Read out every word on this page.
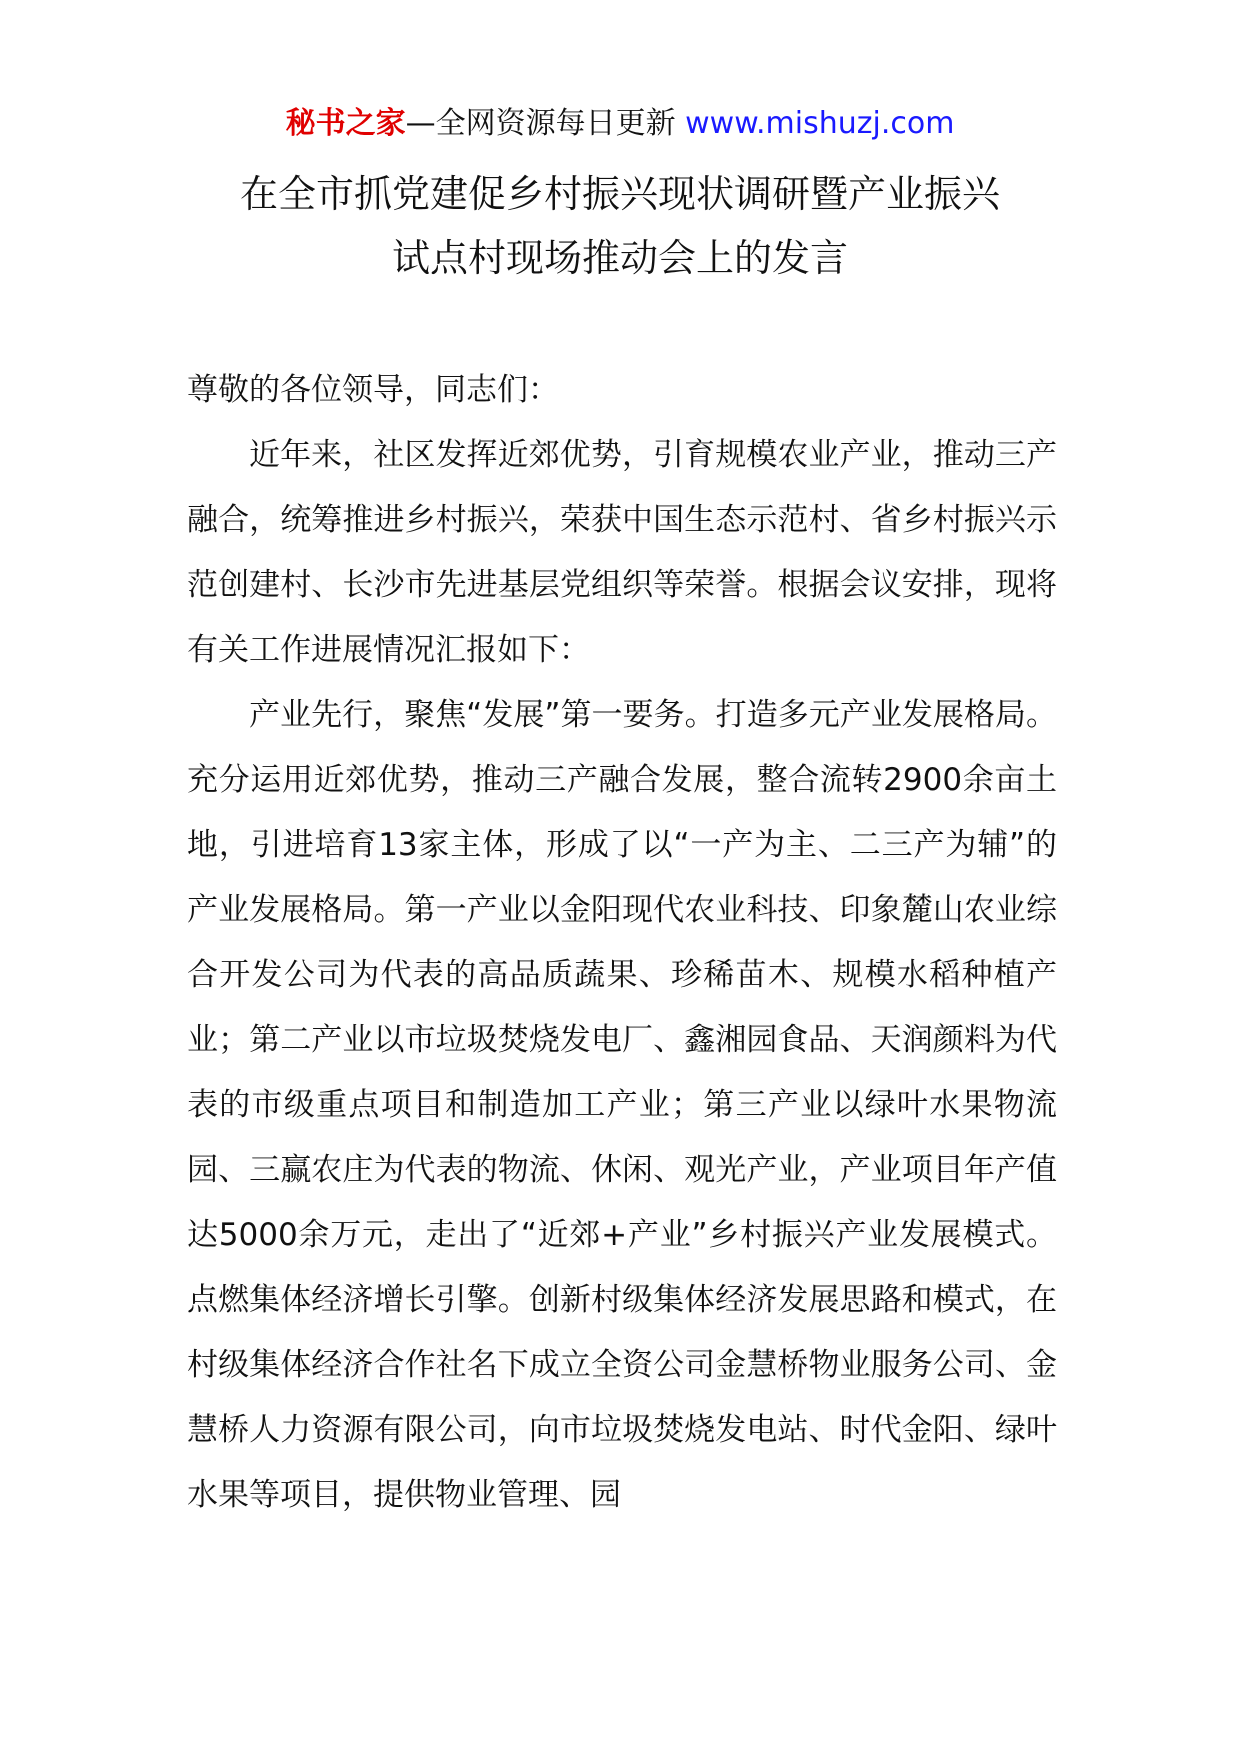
秘书之家—全网资源每日更新 www.mishuzj.com
在全市抓党建促乡村振兴现状调研暨产业振兴
试点村现场推动会上的发言

尊敬的各位领导，同志们：

近年来，社区发挥近郊优势，引育规模农业产业，推动三产融合，统筹推进乡村振兴，荣获中国生态示范村、省乡村振兴示范创建村、长沙市先进基层党组织等荣誉。根据会议安排，现将有关工作进展情况汇报如下：

产业先行，聚焦“发展”第一要务。打造多元产业发展格局。充分运用近郊优势，推动三产融合发展，整合流转2900余亩土地，引进培育13家主体，形成了以“一产为主、二三产为辅”的产业发展格局。第一产业以金阳现代农业科技、印象麓山农业综合开发公司为代表的高品质蔬果、珍稀苗木、规模水稻种植产业；第二产业以市垃圾焚烧发电厂、鑫湘园食品、天润颜料为代表的市级重点项目和制造加工产业；第三产业以绿叶水果物流园、三赢农庄为代表的物流、休闲、观光产业，产业项目年产值达5000余万元，走出了“近郊+产业”乡村振兴产业发展模式。点燃集体经济增长引擎。创新村级集体经济发展思路和模式，在村级集体经济合作社名下成立全资公司金慧桥物业服务公司、金慧桥人力资源有限公司，向市垃圾焚烧发电站、时代金阳、绿叶水果等项目，提供物业管理、园
